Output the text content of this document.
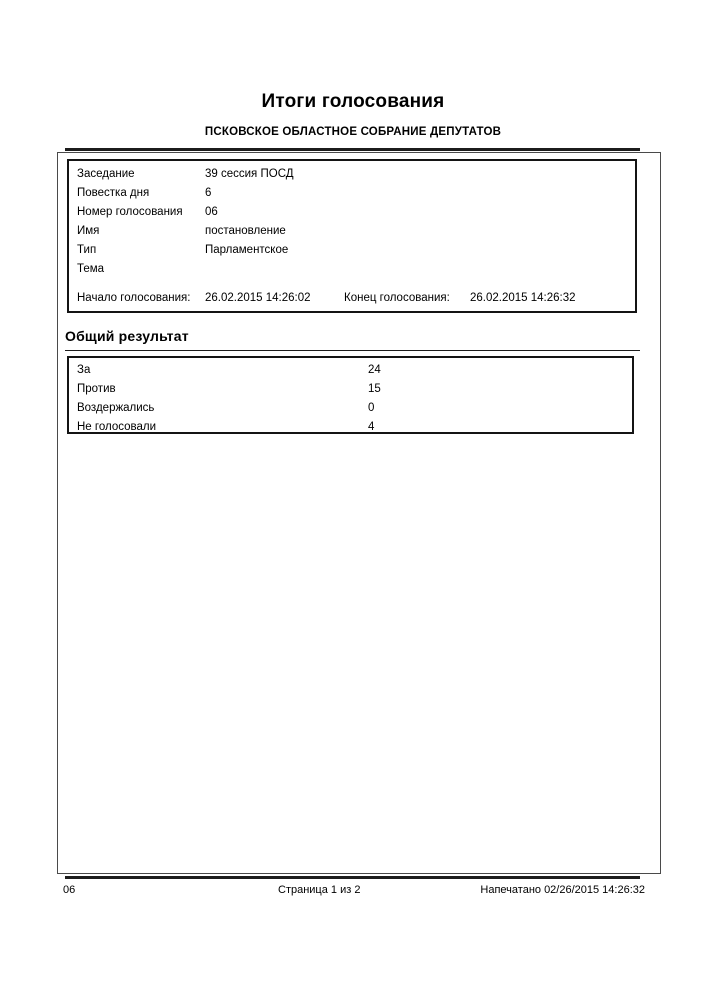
Итоги голосования
ПСКОВСКОЕ ОБЛАСТНОЕ СОБРАНИЕ ДЕПУТАТОВ
Заседание	39 сессия ПОСД
Повестка дня	6
Номер голосования 06
Имя	постановление
Тип	Парламентское
Тема
Начало голосования: 26.02.2015 14:26:02	Конец голосования: 26.02.2015 14:26:32
Общий результат
За	24
Против	15
Воздержались	0
Не голосовали	4
06	Страница 1 из 2	Напечатано 02/26/2015 14:26:32
